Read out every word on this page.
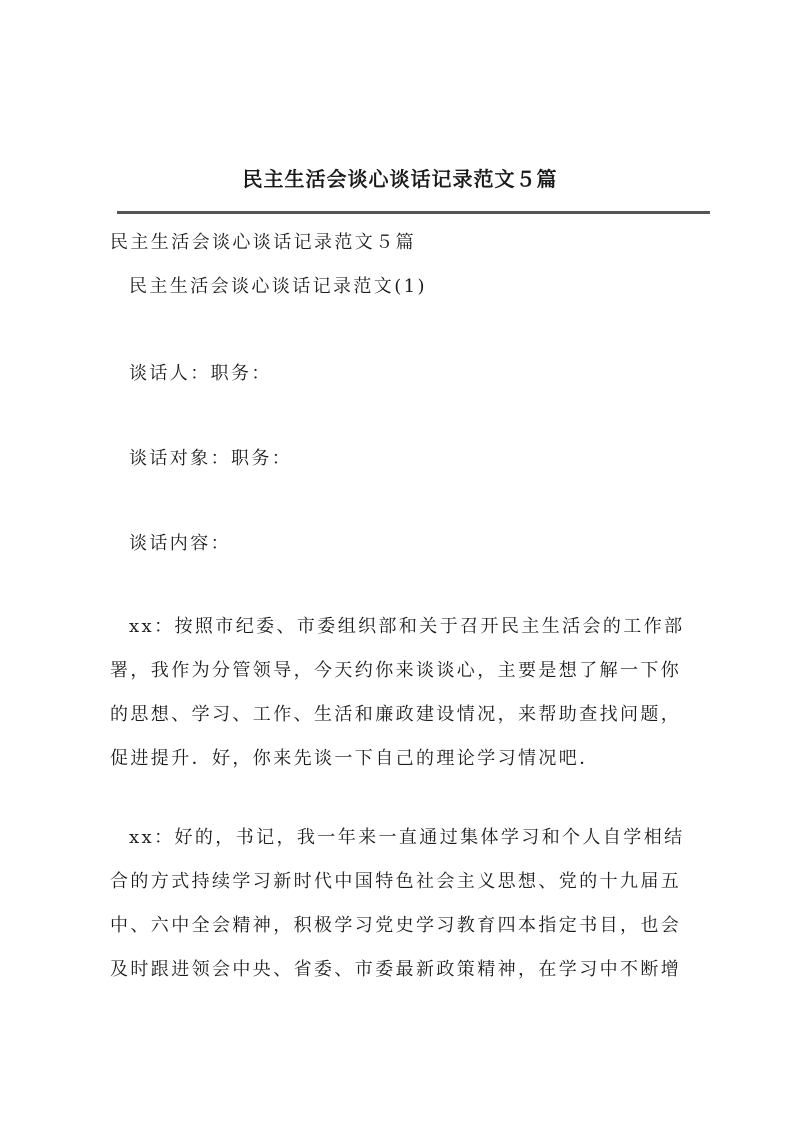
民主生活会谈心谈话记录范文５篇
民主生活会谈心谈话记录范文５篇
民主生活会谈心谈话记录范文(1)
谈话人：职务：
谈话对象：职务：
谈话内容：
xx：按照市纪委、市委组织部和关于召开民主生活会的工作部
署，我作为分管领导，今天约你来谈谈心，主要是想了解一下你
的思想、学习、工作、生活和廉政建设情况，来帮助查找问题，
促进提升．好，你来先谈一下自己的理论学习情况吧．
xx：好的，书记，我一年来一直通过集体学习和个人自学相结
合的方式持续学习新时代中国特色社会主义思想、党的十九届五
中、六中全会精神，积极学习党史学习教育四本指定书目，也会
及时跟进领会中央、省委、市委最新政策精神，在学习中不断增
